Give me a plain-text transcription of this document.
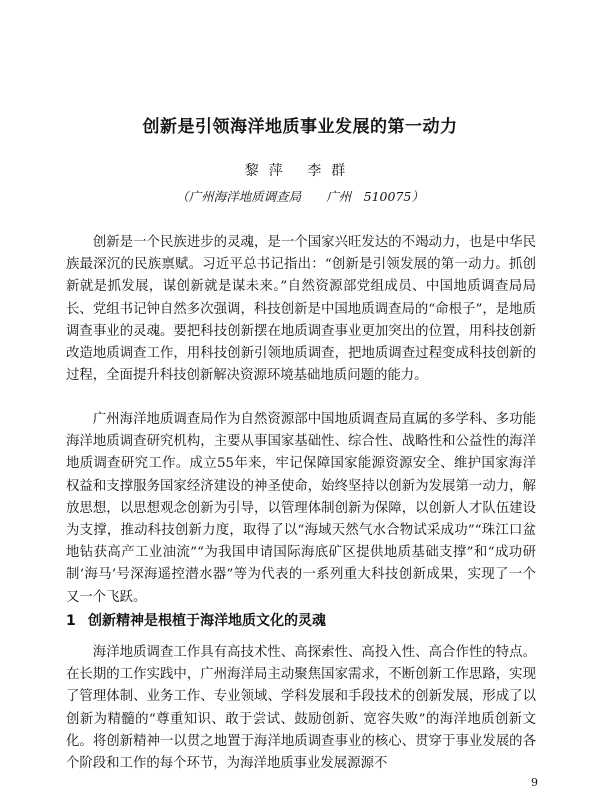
创新是引领海洋地质事业发展的第一动力
黎萍 李群
（广州海洋地质调查局　　广州　510075）

创新是一个民族进步的灵魂，是一个国家兴旺发达的不竭动力，也是中华民族最深沉的民族禀赋。习近平总书记指出：“创新是引领发展的第一动力。抓创新就是抓发展，谋创新就是谋未来。”自然资源部党组成员、中国地质调查局局长、党组书记钟自然多次强调，科技创新是中国地质调查局的“命根子”，是地质调查事业的灵魂。要把科技创新摆在地质调查事业更加突出的位置，用科技创新改造地质调查工作，用科技创新引领地质调查，把地质调查过程变成科技创新的过程，全面提升科技创新解决资源环境基础地质问题的能力。

广州海洋地质调查局作为自然资源部中国地质调查局直属的多学科、多功能海洋地质调查研究机构，主要从事国家基础性、综合性、战略性和公益性的海洋地质调查研究工作。成立55年来，牢记保障国家能源资源安全、维护国家海洋权益和支撑服务国家经济建设的神圣使命，始终坚持以创新为发展第一动力，解放思想，以思想观念创新为引导，以管理体制创新为保障，以创新人才队伍建设为支撑，推动科技创新力度，取得了以“海域天然气水合物试采成功”“珠江口盆地钻获高产工业油流”“为我国申请国际海底矿区提供地质基础支撑”和“成功研制‘海马’号深海遥控潜水器”等为代表的一系列重大科技创新成果，实现了一个又一个飞跃。

1 创新精神是根植于海洋地质文化的灵魂

海洋地质调查工作具有高技术性、高探索性、高投入性、高合作性的特点。在长期的工作实践中，广州海洋局主动聚焦国家需求，不断创新工作思路，实现了管理体制、业务工作、专业领域、学科发展和手段技术的创新发展，形成了以创新为精髓的“尊重知识、敢于尝试、鼓励创新、宽容失败”的海洋地质创新文化。将创新精神一以贯之地置于海洋地质调查事业的核心、贯穿于事业发展的各个阶段和工作的每个环节，为海洋地质事业发展源源不

9
